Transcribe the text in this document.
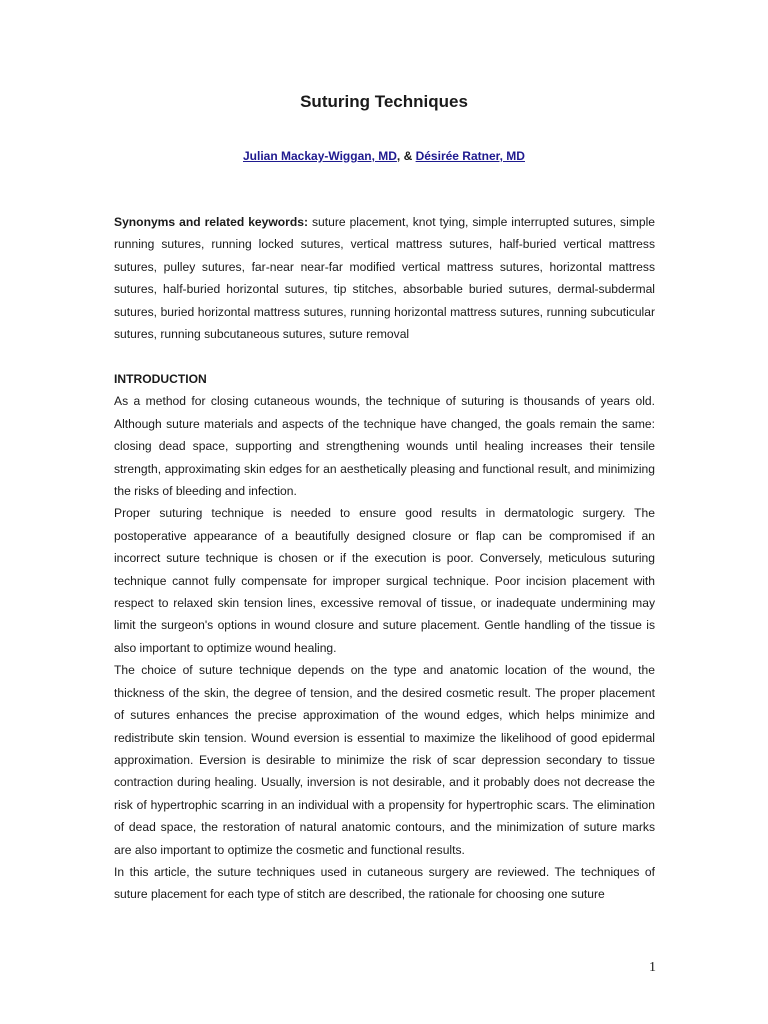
Suturing Techniques
Julian Mackay-Wiggan, MD, & Désirée Ratner, MD

Synonyms and related keywords: suture placement, knot tying, simple interrupted sutures, simple running sutures, running locked sutures, vertical mattress sutures, half-buried vertical mattress sutures, pulley sutures, far-near near-far modified vertical mattress sutures, horizontal mattress sutures, half-buried horizontal sutures, tip stitches, absorbable buried sutures, dermal-subdermal sutures, buried horizontal mattress sutures, running horizontal mattress sutures, running subcuticular sutures, running subcutaneous sutures, suture removal

INTRODUCTION

As a method for closing cutaneous wounds, the technique of suturing is thousands of years old. Although suture materials and aspects of the technique have changed, the goals remain the same: closing dead space, supporting and strengthening wounds until healing increases their tensile strength, approximating skin edges for an aesthetically pleasing and functional result, and minimizing the risks of bleeding and infection.

Proper suturing technique is needed to ensure good results in dermatologic surgery. The postoperative appearance of a beautifully designed closure or flap can be compromised if an incorrect suture technique is chosen or if the execution is poor. Conversely, meticulous suturing technique cannot fully compensate for improper surgical technique. Poor incision placement with respect to relaxed skin tension lines, excessive removal of tissue, or inadequate undermining may limit the surgeon's options in wound closure and suture placement. Gentle handling of the tissue is also important to optimize wound healing.

The choice of suture technique depends on the type and anatomic location of the wound, the thickness of the skin, the degree of tension, and the desired cosmetic result. The proper placement of sutures enhances the precise approximation of the wound edges, which helps minimize and redistribute skin tension. Wound eversion is essential to maximize the likelihood of good epidermal approximation. Eversion is desirable to minimize the risk of scar depression secondary to tissue contraction during healing. Usually, inversion is not desirable, and it probably does not decrease the risk of hypertrophic scarring in an individual with a propensity for hypertrophic scars. The elimination of dead space, the restoration of natural anatomic contours, and the minimization of suture marks are also important to optimize the cosmetic and functional results.

In this article, the suture techniques used in cutaneous surgery are reviewed. The techniques of suture placement for each type of stitch are described, the rationale for choosing one suture

1
